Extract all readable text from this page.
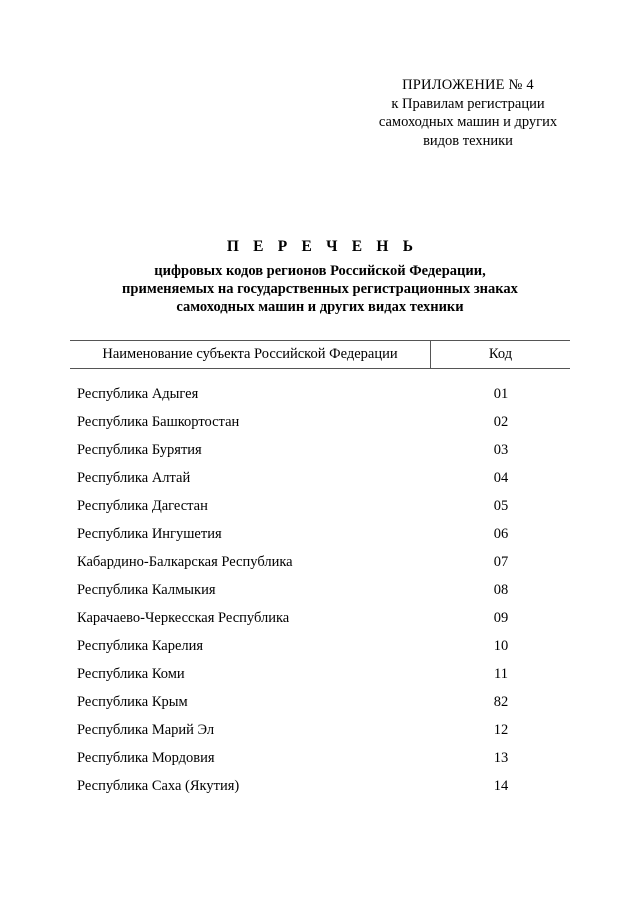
ПРИЛОЖЕНИЕ № 4
к Правилам регистрации
самоходных машин и других
видов техники
П Е Р Е Ч Е Н Ь
цифровых кодов регионов Российской Федерации,
применяемых на государственных регистрационных знаках
самоходных машин и других видах техники
Наименование субъекта Российской Федерации	Код
Республика Адыгея	01
Республика Башкортостан	02
Республика Бурятия	03
Республика Алтай	04
Республика Дагестан	05
Республика Ингушетия	06
Кабардино-Балкарская Республика	07
Республика Калмыкия	08
Карачаево-Черкесская Республика	09
Республика Карелия	10
Республика Коми	11
Республика Крым	82
Республика Марий Эл	12
Республика Мордовия	13
Республика Саха (Якутия)	14
